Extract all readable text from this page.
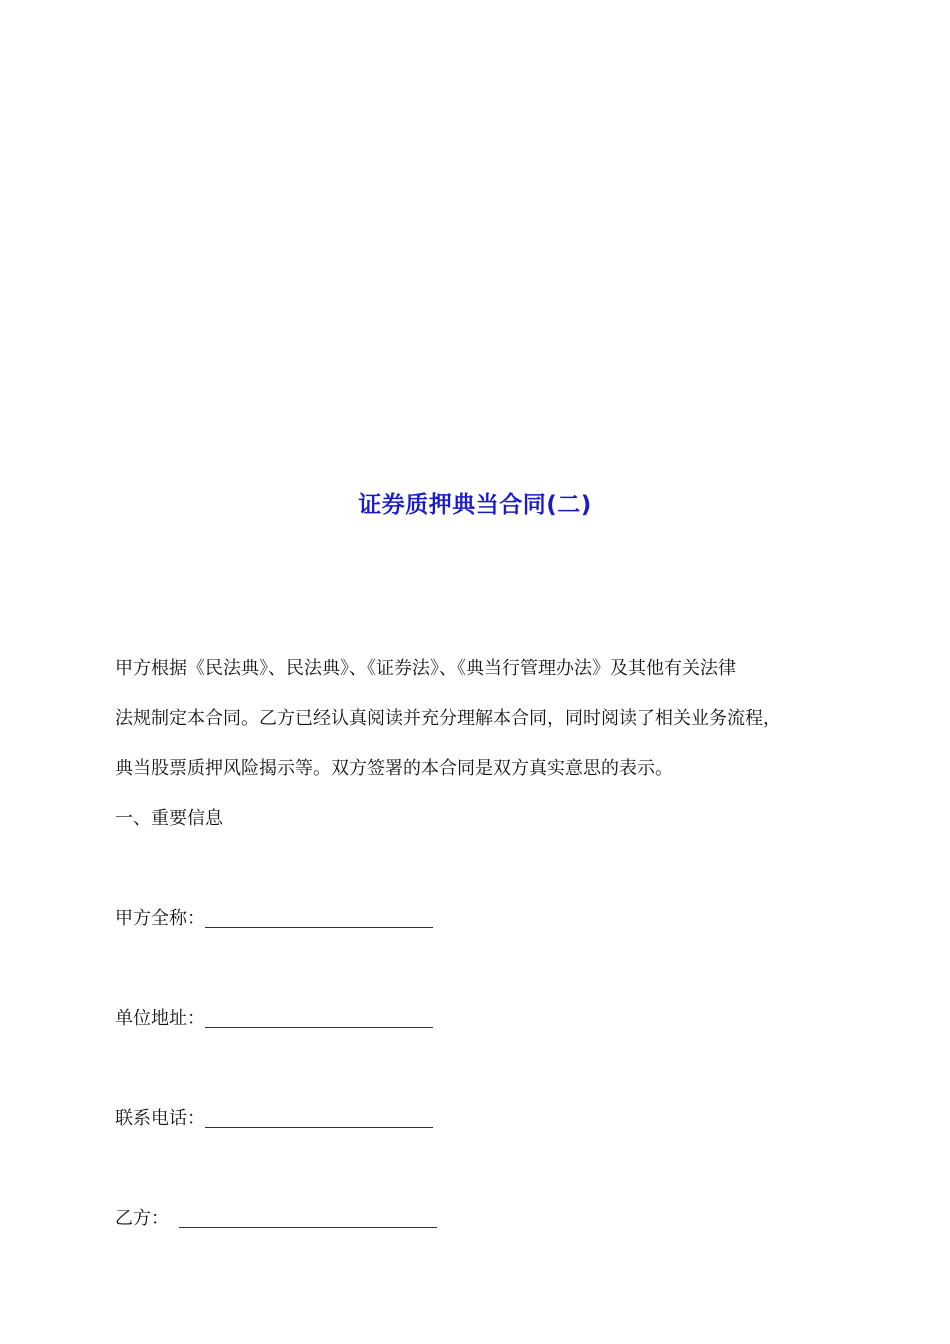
证券质押典当合同(二)

甲方根据《民法典》、民法典》、《证券法》、《典当行管理办法》及其他有关法律

法规制定本合同。乙方已经认真阅读并充分理解本合同，同时阅读了相关业务流程，

典当股票质押风险揭示等。双方签署的本合同是双方真实意思的表示。

一、重要信息

甲方全称：
单位地址：
联系电话：
乙方：
